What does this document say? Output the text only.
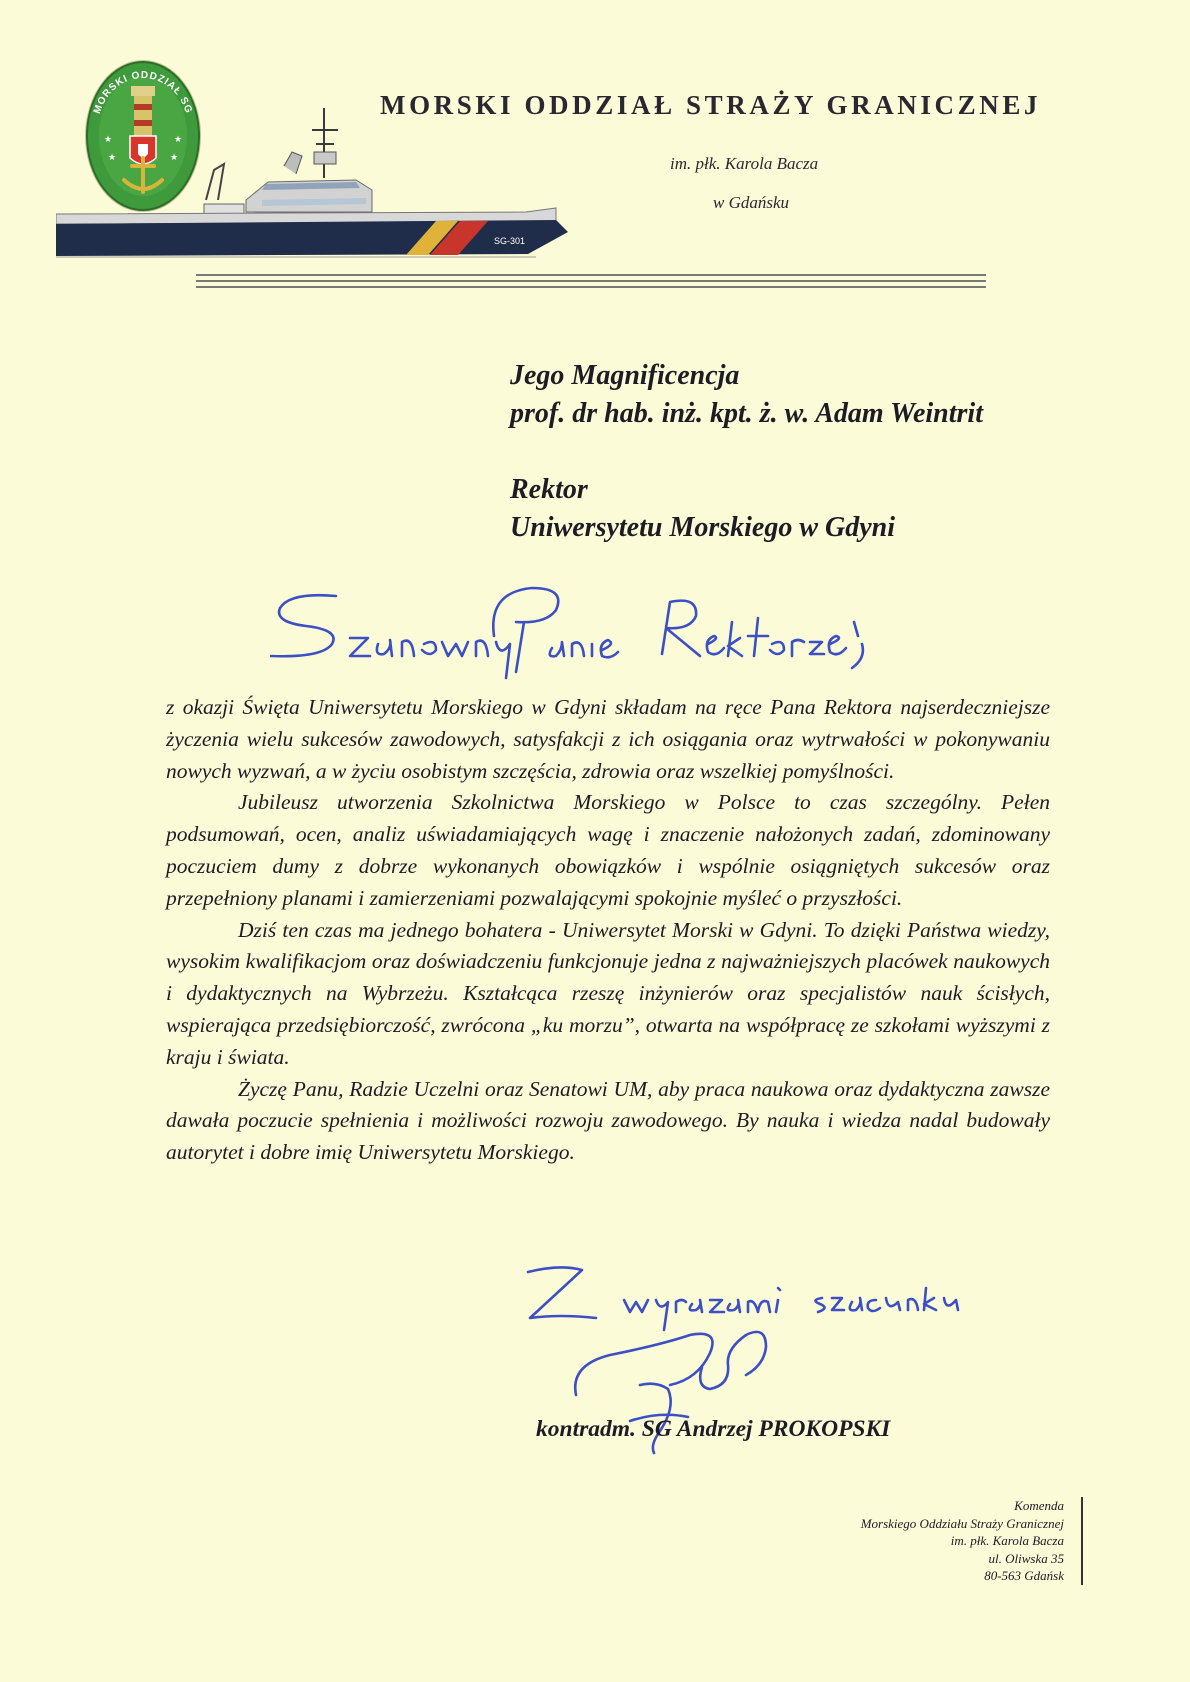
MORSKI ODDZIAŁ SG
★	★
★	★
SG-301
MORSKI ODDZIAŁ STRAŻY GRANICZNEJ
im. płk. Karola Bacza
w Gdańsku
Jego Magnificencja
prof. dr hab. inż. kpt. ż. w. Adam Weintrit
Rektor
Uniwersytetu Morskiego w Gdyni

z okazji Święta Uniwersytetu Morskiego w Gdyni składam na ręce Pana Rektora najserdeczniejsze życzenia wielu sukcesów zawodowych, satysfakcji z ich osiągania oraz wytrwałości w pokonywaniu nowych wyzwań, a w życiu osobistym szczęścia, zdrowia oraz wszelkiej pomyślności.

Jubileusz utworzenia Szkolnictwa Morskiego w Polsce to czas szczególny. Pełen podsumowań, ocen, analiz uświadamiających wagę i znaczenie nałożonych zadań, zdominowany poczuciem dumy z dobrze wykonanych obowiązków i wspólnie osiągniętych sukcesów oraz przepełniony planami i zamierzeniami pozwalającymi spokojnie myśleć o przyszłości.

Dziś ten czas ma jednego bohatera - Uniwersytet Morski w Gdyni. To dzięki Państwa wiedzy, wysokim kwalifikacjom oraz doświadczeniu funkcjonuje jedna z najważniejszych placówek naukowych i dydaktycznych na Wybrzeżu. Kształcąca rzeszę inżynierów oraz specjalistów nauk ścisłych, wspierająca przedsiębiorczość, zwrócona „ku morzu”, otwarta na współpracę ze szkołami wyższymi z kraju i świata.

Życzę Panu, Radzie Uczelni oraz Senatowi UM, aby praca naukowa oraz dydaktyczna zawsze dawała poczucie spełnienia i możliwości rozwoju zawodowego. By nauka i wiedza nadal budowały autorytet i dobre imię Uniwersytetu Morskiego.

kontradm. SG Andrzej PROKOPSKI
Komenda
Morskiego Oddziału Straży Granicznej
im. płk. Karola Bacza
ul. Oliwska 35
80-563 Gdańsk
